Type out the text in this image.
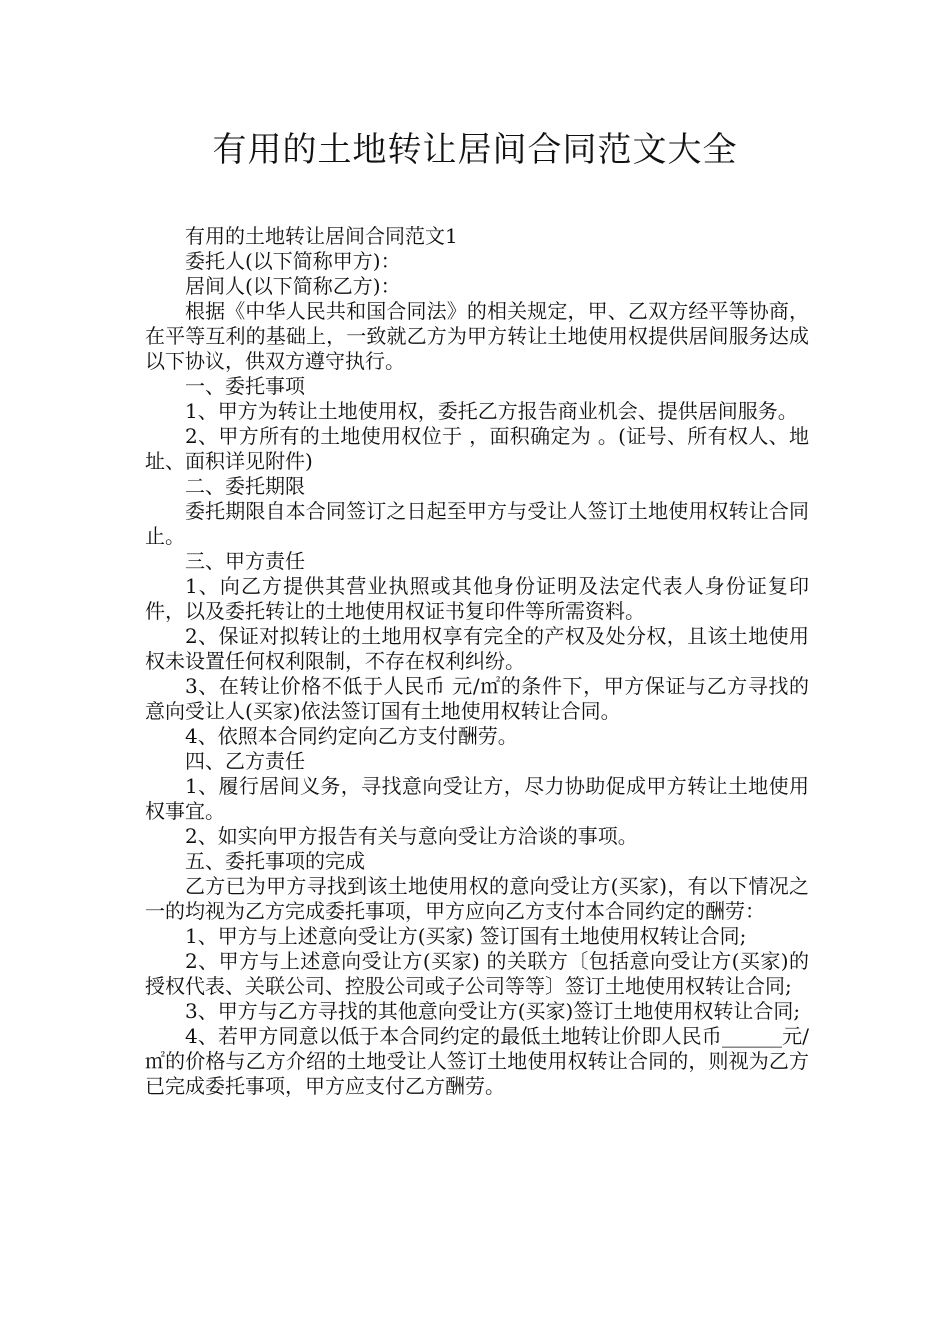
有用的土地转让居间合同范文大全

有用的土地转让居间合同范文1

委托人(以下简称甲方)：

居间人(以下简称乙方)：

根据《中华人民共和国合同法》的相关规定，甲、乙双方经平等协商，在平等互利的基础上，一致就乙方为甲方转让土地使用权提供居间服务达成以下协议，供双方遵守执行。

一、委托事项

1、甲方为转让土地使用权，委托乙方报告商业机会、提供居间服务。

2、甲方所有的土地使用权位于 ，面积确定为 。(证号、所有权人、地址、面积详见附件)

二、委托期限

委托期限自本合同签订之日起至甲方与受让人签订土地使用权转让合同止。

三、甲方责任

1、向乙方提供其营业执照或其他身份证明及法定代表人身份证复印件，以及委托转让的土地使用权证书复印件等所需资料。

2、保证对拟转让的土地用权享有完全的产权及处分权，且该土地使用权未设置任何权利限制，不存在权利纠纷。

3、在转让价格不低于人民币 元/㎡的条件下，甲方保证与乙方寻找的意向受让人(买家)依法签订国有土地使用权转让合同。

4、依照本合同约定向乙方支付酬劳。

四、乙方责任

1、履行居间义务，寻找意向受让方，尽力协助促成甲方转让土地使用权事宜。

2、如实向甲方报告有关与意向受让方洽谈的事项。

五、委托事项的完成

乙方已为甲方寻找到该土地使用权的意向受让方(买家)，有以下情况之一的均视为乙方完成委托事项，甲方应向乙方支付本合同约定的酬劳：

1、甲方与上述意向受让方(买家) 签订国有土地使用权转让合同;

2、甲方与上述意向受让方(买家) 的关联方〔包括意向受让方(买家)的授权代表、关联公司、控股公司或子公司等等〕签订土地使用权转让合同;

3、甲方与乙方寻找的其他意向受让方(买家)签订土地使用权转让合同;

4、若甲方同意以低于本合同约定的最低土地转让价即人民币______元/㎡的价格与乙方介绍的土地受让人签订土地使用权转让合同的，则视为乙方已完成委托事项，甲方应支付乙方酬劳。
